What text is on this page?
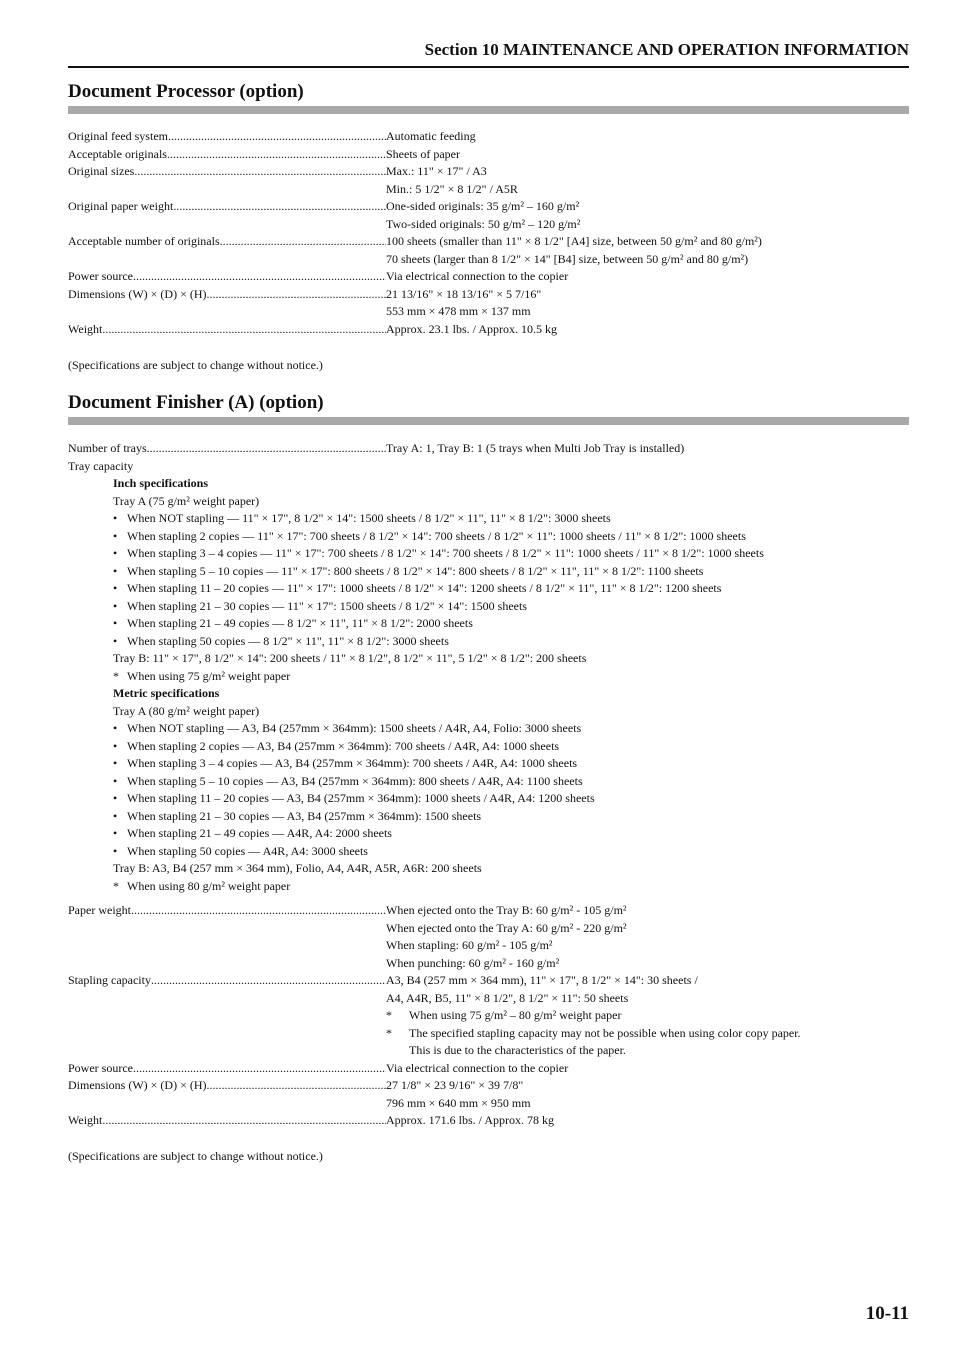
Section 10 MAINTENANCE AND OPERATION INFORMATION
Document Processor (option)
Original feed system .....	Automatic feeding
Acceptable originals .....	Sheets of paper
Original sizes .....	Max.: 11" × 17" / A3
Min.: 5 1/2" × 8 1/2" / A5R
Original paper weight .....	One-sided originals: 35 g/m² – 160 g/m²
Two-sided originals: 50 g/m² – 120 g/m²
Acceptable number of originals .....	100 sheets (smaller than 11" × 8 1/2" [A4] size, between 50 g/m² and 80 g/m²)
70 sheets (larger than 8 1/2" × 14" [B4] size, between 50 g/m² and 80 g/m²)
Power source .....	Via electrical connection to the copier
Dimensions (W) × (D) × (H) .....	21 13/16" × 18 13/16" × 5 7/16"
553 mm × 478 mm × 137 mm
Weight .....	Approx. 23.1 lbs. / Approx. 10.5 kg
(Specifications are subject to change without notice.)
Document Finisher (A) (option)
Number of trays .....	Tray A: 1, Tray B: 1 (5 trays when Multi Job Tray is installed)
Tray capacity
Inch specifications
Tray A (75 g/m² weight paper)
• When NOT stapling — 11" × 17", 8 1/2" × 14": 1500 sheets / 8 1/2" × 11", 11" × 8 1/2": 3000 sheets
• When stapling 2 copies — 11" × 17": 700 sheets / 8 1/2" × 14": 700 sheets / 8 1/2" × 11": 1000 sheets / 11" × 8 1/2": 1000 sheets
• When stapling 3 – 4 copies — 11" × 17": 700 sheets / 8 1/2" × 14": 700 sheets / 8 1/2" × 11": 1000 sheets / 11" × 8 1/2": 1000 sheets
• When stapling 5 – 10 copies — 11" × 17": 800 sheets / 8 1/2" × 14": 800 sheets / 8 1/2" × 11", 11" × 8 1/2": 1100 sheets
• When stapling 11 – 20 copies — 11" × 17": 1000 sheets / 8 1/2" × 14": 1200 sheets / 8 1/2" × 11", 11" × 8 1/2": 1200 sheets
• When stapling 21 – 30 copies — 11" × 17": 1500 sheets / 8 1/2" × 14": 1500 sheets
• When stapling 21 – 49 copies — 8 1/2" × 11", 11" × 8 1/2": 2000 sheets
• When stapling 50 copies — 8 1/2" × 11", 11" × 8 1/2": 3000 sheets
Tray B: 11" × 17", 8 1/2" × 14": 200 sheets / 11" × 8 1/2", 8 1/2" × 11", 5 1/2" × 8 1/2": 200 sheets
* When using 75 g/m² weight paper
Metric specifications
Tray A (80 g/m² weight paper)
• When NOT stapling — A3, B4 (257mm × 364mm): 1500 sheets / A4R, A4, Folio: 3000 sheets
• When stapling 2 copies — A3, B4 (257mm × 364mm): 700 sheets / A4R, A4: 1000 sheets
• When stapling 3 – 4 copies — A3, B4 (257mm × 364mm): 700 sheets / A4R, A4: 1000 sheets
• When stapling 5 – 10 copies — A3, B4 (257mm × 364mm): 800 sheets / A4R, A4: 1100 sheets
• When stapling 11 – 20 copies — A3, B4 (257mm × 364mm): 1000 sheets / A4R, A4: 1200 sheets
• When stapling 21 – 30 copies — A3, B4 (257mm × 364mm): 1500 sheets
• When stapling 21 – 49 copies — A4R, A4: 2000 sheets
• When stapling 50 copies — A4R, A4: 3000 sheets
Tray B: A3, B4 (257 mm × 364 mm), Folio, A4, A4R, A5R, A6R: 200 sheets
* When using 80 g/m² weight paper
Paper weight .....	When ejected onto the Tray B: 60 g/m² - 105 g/m²
When ejected onto the Tray A: 60 g/m² - 220 g/m²
When stapling: 60 g/m² - 105 g/m²
When punching: 60 g/m² - 160 g/m²
Stapling capacity .....	A3, B4 (257 mm × 364 mm), 11" × 17", 8 1/2" × 14": 30 sheets /
A4, A4R, B5, 11" × 8 1/2", 8 1/2" × 11": 50 sheets
* When using 75 g/m² – 80 g/m² weight paper
* The specified stapling capacity may not be possible when using color copy paper.
This is due to the characteristics of the paper.
Power source .....	Via electrical connection to the copier
Dimensions (W) × (D) × (H) .....	27 1/8" × 23 9/16" × 39 7/8"
796 mm × 640 mm × 950 mm
Weight .....	Approx. 171.6 lbs. / Approx. 78 kg
(Specifications are subject to change without notice.)
10-11
